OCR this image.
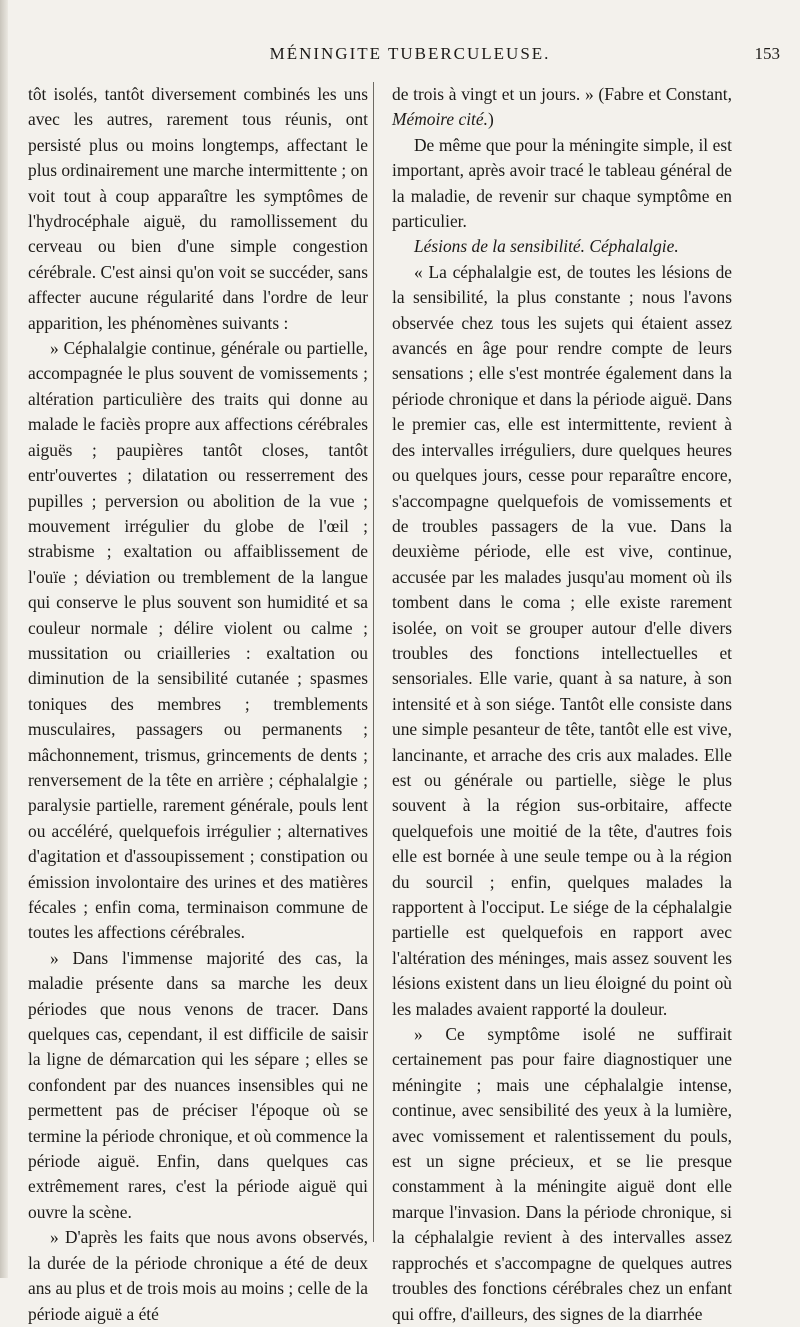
MÉNINGITE TUBERCULEUSE.	153

tôt isolés, tantôt diversement combinés les uns avec les autres, rarement tous réunis, ont persisté plus ou moins longtemps, affectant le plus ordinairement une marche intermittente ; on voit tout à coup apparaître les symptômes de l'hydrocéphale aiguë, du ramollissement du cerveau ou bien d'une simple congestion cérébrale. C'est ainsi qu'on voit se succéder, sans affecter aucune régularité dans l'ordre de leur apparition, les phénomènes suivants :

» Céphalalgie continue, générale ou partielle, accompagnée le plus souvent de vomissements ; altération particulière des traits qui donne au malade le faciès propre aux affections cérébrales aiguës ; paupières tantôt closes, tantôt entr'ouvertes ; dilatation ou resserrement des pupilles ; perversion ou abolition de la vue ; mouvement irrégulier du globe de l'œil ; strabisme ; exaltation ou affaiblissement de l'ouïe ; déviation ou tremblement de la langue qui conserve le plus souvent son humidité et sa couleur normale ; délire violent ou calme ; mussitation ou criailleries : exaltation ou diminution de la sensibilité cutanée ; spasmes toniques des membres ; tremblements musculaires, passagers ou permanents ; mâchonnement, trismus, grincements de dents ; renversement de la tête en arrière ; céphalalgie ; paralysie partielle, rarement générale, pouls lent ou accéléré, quelquefois irrégulier ; alternatives d'agitation et d'assoupissement ; constipation ou émission involontaire des urines et des matières fécales ; enfin coma, terminaison commune de toutes les affections cérébrales.

» Dans l'immense majorité des cas, la maladie présente dans sa marche les deux périodes que nous venons de tracer. Dans quelques cas, cependant, il est difficile de saisir la ligne de démarcation qui les sépare ; elles se confondent par des nuances insensibles qui ne permettent pas de préciser l'époque où se termine la période chronique, et où commence la période aiguë. Enfin, dans quelques cas extrêmement rares, c'est la période aiguë qui ouvre la scène.

» D'après les faits que nous avons observés, la durée de la période chronique a été de deux ans au plus et de trois mois au moins ; celle de la période aiguë a été

de trois à vingt et un jours. » (Fabre et Constant, Mémoire cité.)

De même que pour la méningite simple, il est important, après avoir tracé le tableau général de la maladie, de revenir sur chaque symptôme en particulier.

Lésions de la sensibilité. Céphalalgie.

« La céphalalgie est, de toutes les lésions de la sensibilité, la plus constante ; nous l'avons observée chez tous les sujets qui étaient assez avancés en âge pour rendre compte de leurs sensations ; elle s'est montrée également dans la période chronique et dans la période aiguë. Dans le premier cas, elle est intermittente, revient à des intervalles irréguliers, dure quelques heures ou quelques jours, cesse pour reparaître encore, s'accompagne quelquefois de vomissements et de troubles passagers de la vue. Dans la deuxième période, elle est vive, continue, accusée par les malades jusqu'au moment où ils tombent dans le coma ; elle existe rarement isolée, on voit se grouper autour d'elle divers troubles des fonctions intellectuelles et sensoriales. Elle varie, quant à sa nature, à son intensité et à son siége. Tantôt elle consiste dans une simple pesanteur de tête, tantôt elle est vive, lancinante, et arrache des cris aux malades. Elle est ou générale ou partielle, siège le plus souvent à la région sus-orbitaire, affecte quelquefois une moitié de la tête, d'autres fois elle est bornée à une seule tempe ou à la région du sourcil ; enfin, quelques malades la rapportent à l'occiput. Le siége de la céphalalgie partielle est quelquefois en rapport avec l'altération des méninges, mais assez souvent les lésions existent dans un lieu éloigné du point où les malades avaient rapporté la douleur.

» Ce symptôme isolé ne suffirait certainement pas pour faire diagnostiquer une méningite ; mais une céphalalgie intense, continue, avec sensibilité des yeux à la lumière, avec vomissement et ralentissement du pouls, est un signe précieux, et se lie presque constamment à la méningite aiguë dont elle marque l'invasion. Dans la période chronique, si la céphalalgie revient à des intervalles assez rapprochés et s'accompagne de quelques autres troubles des fonctions cérébrales chez un enfant qui offre, d'ailleurs, des signes de la diarrhée
